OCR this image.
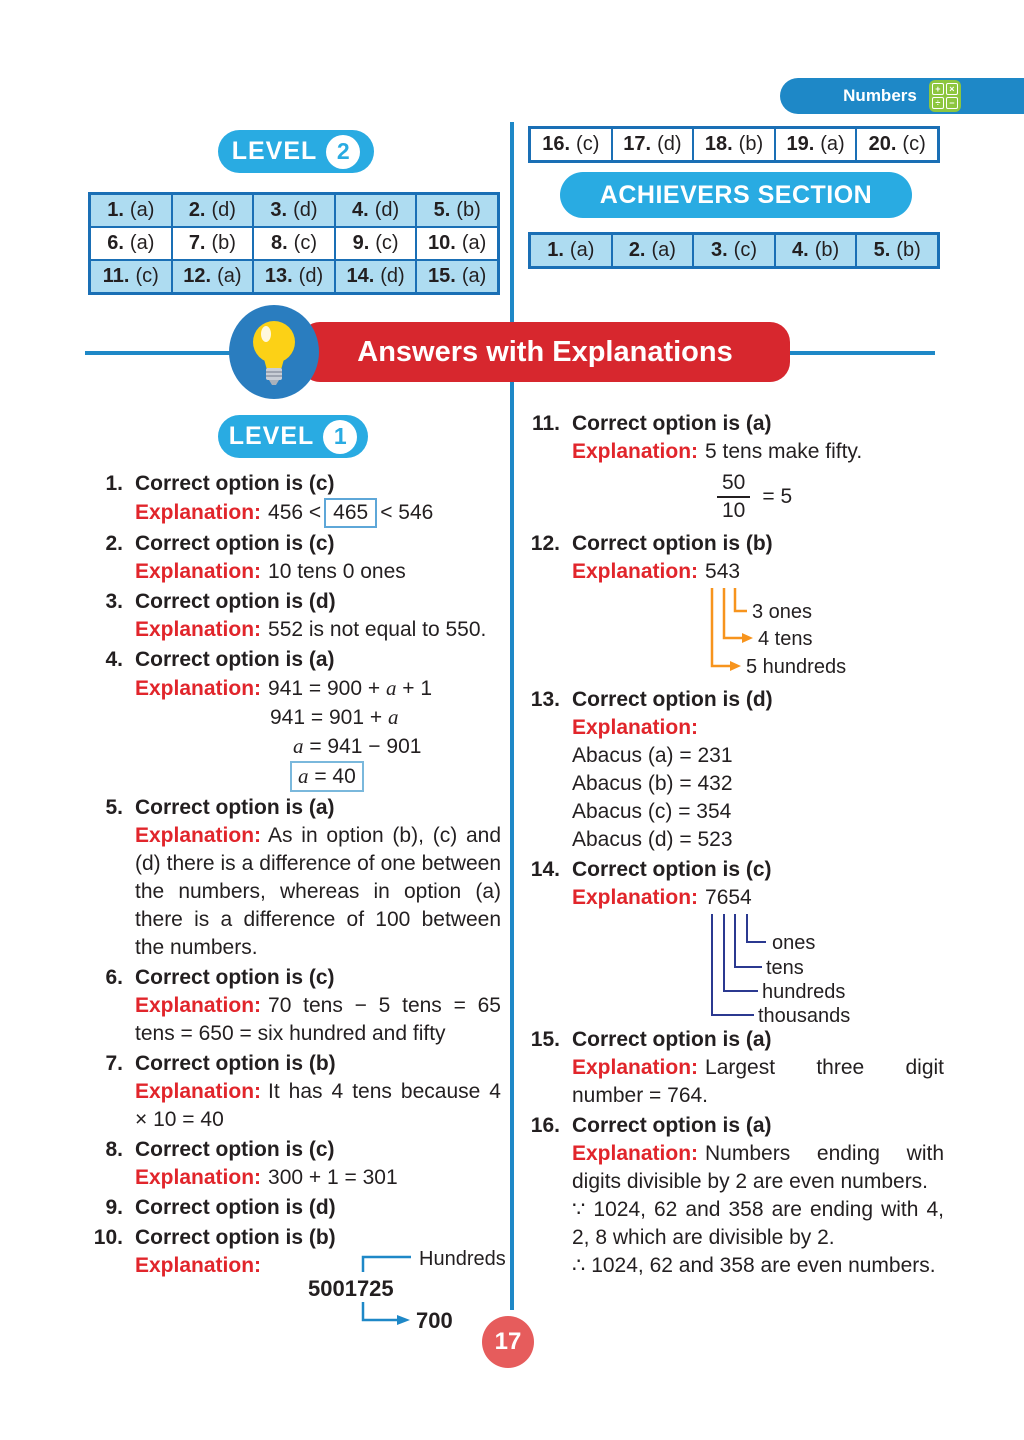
Numbers	+ ×
÷ −
LEVEL 2
1. (a) 2. (d) 3. (d) 4. (d) 5. (b)
6. (a) 7. (b) 8. (c) 9. (c) 10. (a)
11. (c) 12. (a) 13. (d) 14. (d) 15. (a)
16. (c) 17. (d) 18. (b) 19. (a) 20. (c)
ACHIEVERS SECTION
1. (a) 2. (a) 3. (c) 4. (b) 5. (b)
Answers with Explanations
LEVEL 1
1. Correct option is (c)

Explanation: 456 < 465 < 546

2. Correct option is (c)

Explanation: 10 tens 0 ones

3. Correct option is (d)

Explanation: 552 is not equal to 550.

4. Correct option is (a)
Explanation: 941 = 900 + a + 1
941 = 901 + a
a = 941 − 901
a = 40
5. Correct option is (a)

Explanation: As in option (b), (c) and (d) there is a difference of one between the numbers, whereas in option (a) there is a difference of 100 between the numbers.

6. Correct option is (c)

Explanation: 70 tens − 5 tens = 65 tens = 650 = six hundred and fifty

7. Correct option is (b)

Explanation: It has 4 tens because 4 × 10 = 40

8. Correct option is (c)

Explanation: 300 + 1 = 301

9. Correct option is (d)
10. Correct option is (b)
Explanation:	Hundreds
5001725
700
11. Correct option is (a)

Explanation: 5 tens make fifty.

$\frac{50}{10} = 5$
12. Correct option is (b)

Explanation: 543

3 ones
4 tens
5 hundreds
13. Correct option is (d)
Explanation:
Abacus (a) = 231
Abacus (b) = 432
Abacus (c) = 354
Abacus (d) = 523
14. Correct option is (c)

Explanation: 7654

ones
tens
hundreds
thousands
15. Correct option is (a)

Explanation: Largest three digit number = 764.

16. Correct option is (a)

Explanation: Numbers ending with digits divisible by 2 are even numbers.

∵ 1024, 62 and 358 are ending with 4, 2, 8 which are divisible by 2.

∴ 1024, 62 and 358 are even numbers.

17
